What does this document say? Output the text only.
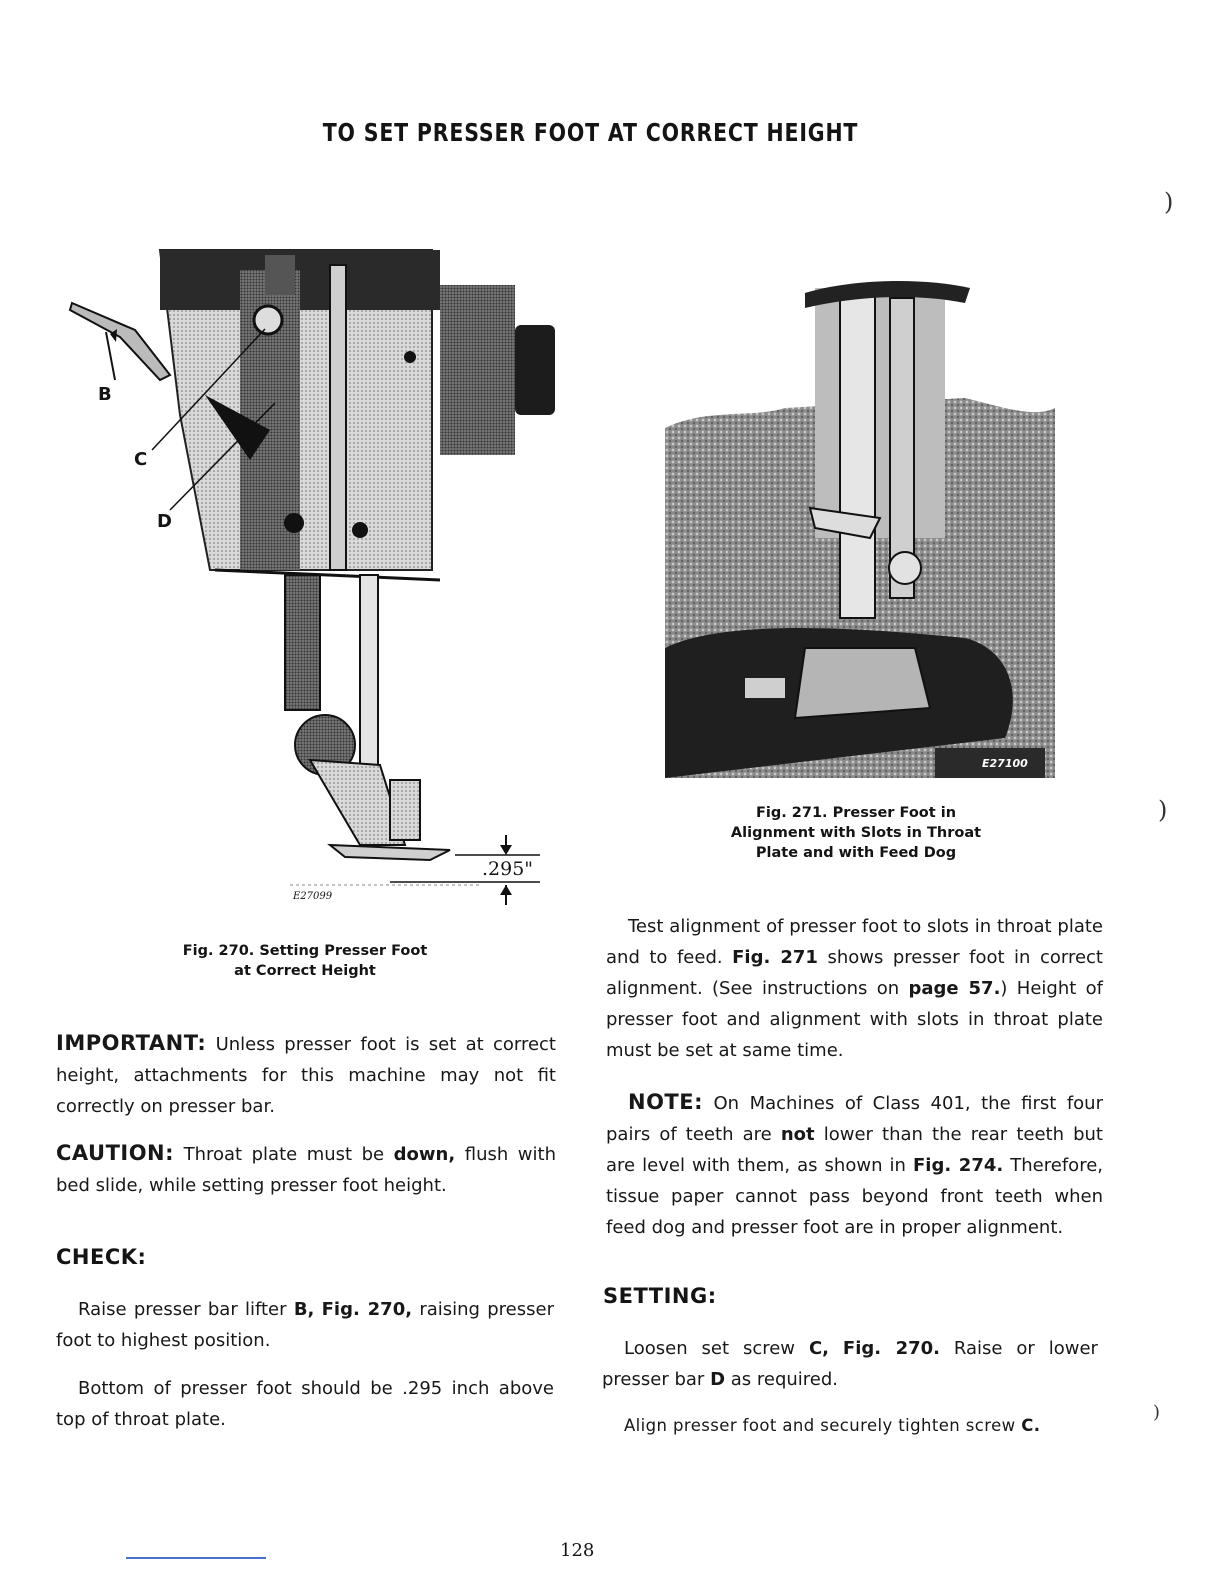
TO SET PRESSER FOOT AT CORRECT HEIGHT
)
)
)
B
C
D
.295"
E27099
Fig. 270. Setting Presser Foot
at Correct Height
E27100
Fig. 271. Presser Foot in
Alignment with Slots in Throat
Plate and with Feed Dog
IMPORTANT: Unless presser foot is set at correct height, attachments for this machine may not fit correctly on presser bar.
CAUTION: Throat plate must be down, flush with bed slide, while setting presser foot height.
CHECK:
Raise presser bar lifter B, Fig. 270, raising presser foot to highest position.
Bottom of presser foot should be .295 inch above top of throat plate.
Test alignment of presser foot to slots in throat plate and to feed. Fig. 271 shows presser foot in correct alignment. (See instructions on page 57.) Height of presser foot and alignment with slots in throat plate must be set at same time.
NOTE: On Machines of Class 401, the first four pairs of teeth are not lower than the rear teeth but are level with them, as shown in Fig. 274. Therefore, tissue paper cannot pass beyond front teeth when feed dog and presser foot are in proper alignment.
SETTING:
Loosen set screw C, Fig. 270. Raise or lower presser bar D as required.
Align presser foot and securely tighten screw C.
128
